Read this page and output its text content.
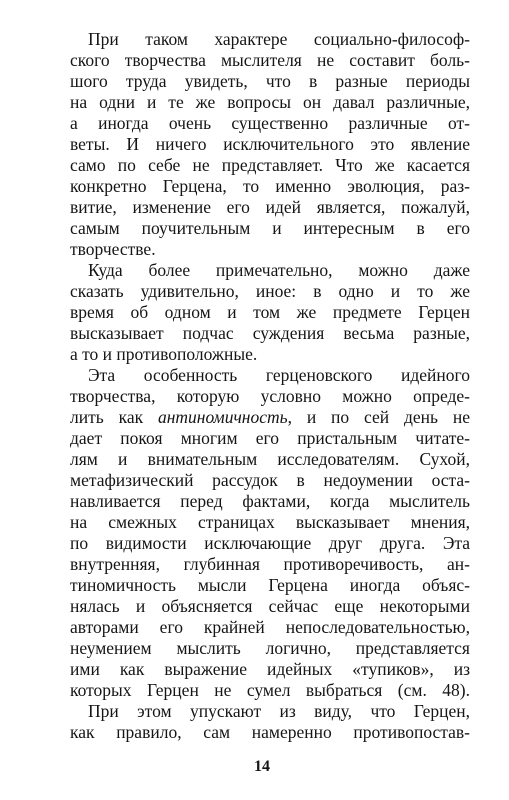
При таком характере социально-философ-
ского творчества мыслителя не составит боль-
шого труда увидеть, что в разные периоды
на одни и те же вопросы он давал различные,
а иногда очень существенно различные от-
веты. И ничего исключительного это явление
само по себе не представляет. Что же касается
конкретно Герцена, то именно эволюция, раз-
витие, изменение его идей является, пожалуй,
самым поучительным и интересным в его
творчестве.
Куда более примечательно, можно даже
сказать удивительно, иное: в одно и то же
время об одном и том же предмете Герцен
высказывает подчас суждения весьма разные,
а то и противоположные.
Эта особенность герценовского идейного
творчества, которую условно можно опреде-
лить как антиномичность, и по сей день не
дает покоя многим его пристальным читате-
лям и внимательным исследователям. Сухой,
метафизический рассудок в недоумении оста-
навливается перед фактами, когда мыслитель
на смежных страницах высказывает мнения,
по видимости исключающие друг друга. Эта
внутренняя, глубинная противоречивость, ан-
тиномичность мысли Герцена иногда объяс-
нялась и объясняется сейчас еще некоторыми
авторами его крайней непоследовательностью,
неумением мыслить логично, представляется
ими как выражение идейных «тупиков», из
которых Герцен не сумел выбраться (см. 48).
При этом упускают из виду, что Герцен,
как правило, сам намеренно противопостав-
14
